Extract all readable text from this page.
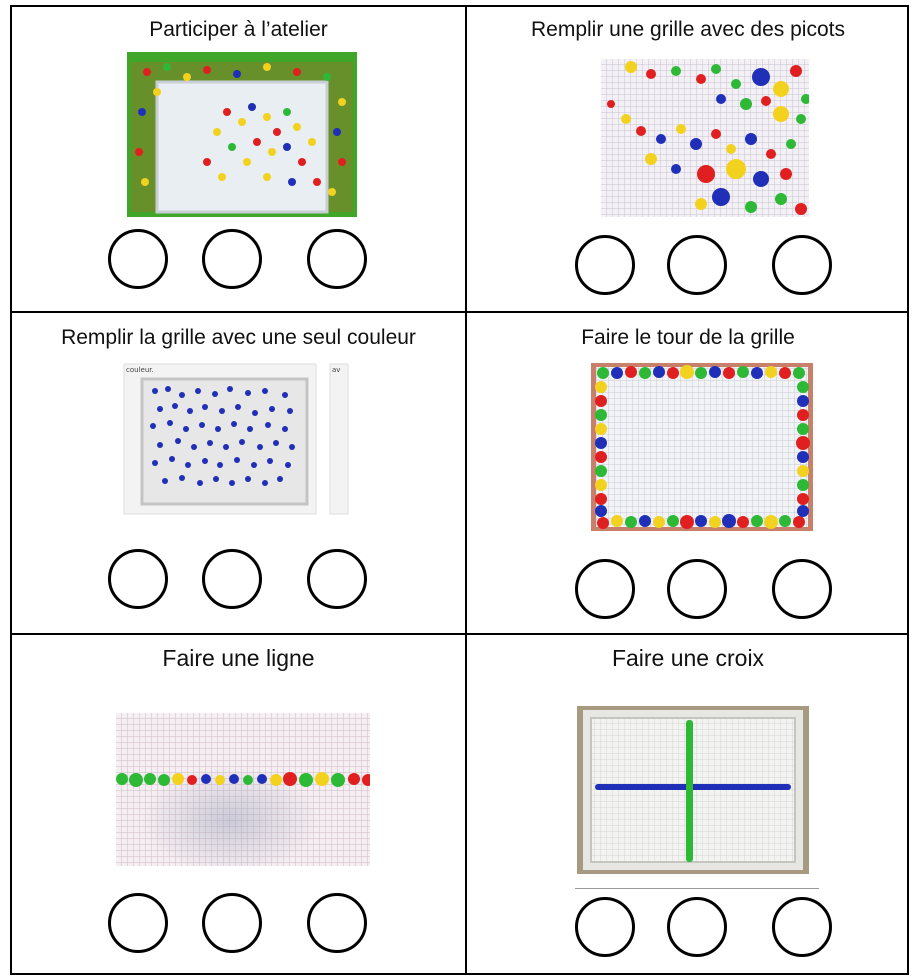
Participer à l’atelier	Remplir une grille avec des picots
Remplir la grille avec une seul couleur
couleur.	av
Faire le tour de la grille
Faire une ligne	Faire une croix
